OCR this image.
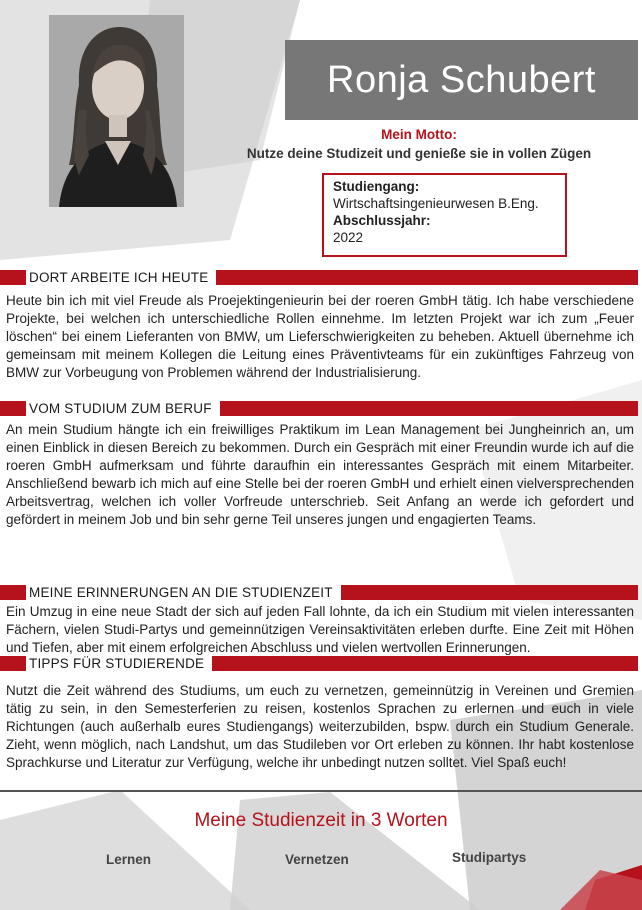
Ronja Schubert
Mein Motto:
Nutze deine Studizeit und genieße sie in vollen Zügen
Studiengang:
Wirtschaftsingenieurwesen B.Eng.
Abschlussjahr:
2022
DORT ARBEITE ICH HEUTE
Heute bin ich mit viel Freude als Proejektingenieurin bei der roeren GmbH tätig. Ich habe verschiedene Projekte, bei welchen ich unterschiedliche Rollen einnehme. Im letzten Projekt war ich zum „Feuer löschen“ bei einem Lieferanten von BMW, um Lieferschwierigkeiten zu beheben. Aktuell übernehme ich gemeinsam mit meinem Kollegen die Leitung eines Präventivteams für ein zukünftiges Fahrzeug von BMW zur Vorbeugung von Problemen während der Industrialisierung.
VOM STUDIUM ZUM BERUF
An mein Studium hängte ich ein freiwilliges Praktikum im Lean Management bei Jungheinrich an, um einen Einblick in diesen Bereich zu bekommen. Durch ein Gespräch mit einer Freundin wurde ich auf die roeren GmbH aufmerksam und führte daraufhin ein interessantes Gespräch mit einem Mitarbeiter. Anschließend bewarb ich mich auf eine Stelle bei der roeren GmbH und erhielt einen vielversprechenden Arbeitsvertrag, welchen ich voller Vorfreude unterschrieb. Seit Anfang an werde ich gefordert und gefördert in meinem Job und bin sehr gerne Teil unseres jungen und engagierten Teams.
MEINE ERINNERUNGEN AN DIE STUDIENZEIT
Ein Umzug in eine neue Stadt der sich auf jeden Fall lohnte, da ich ein Studium mit vielen interessanten Fächern, vielen Studi-Partys und gemeinnützigen Vereinsaktivitäten erleben durfte. Eine Zeit mit Höhen und Tiefen, aber mit einem erfolgreichen Abschluss und vielen wertvollen Erinnerungen.
TIPPS FÜR STUDIERENDE
Nutzt die Zeit während des Studiums, um euch zu vernetzen, gemeinnützig in Vereinen und Gremien tätig zu sein, in den Semesterferien zu reisen, kostenlos Sprachen zu erlernen und euch in viele Richtungen (auch außerhalb eures Studiengangs) weiterzubilden, bspw. durch ein Studium Generale. Zieht, wenn möglich, nach Landshut, um das Studileben vor Ort erleben zu können. Ihr habt kostenlose Sprachkurse und Literatur zur Verfügung, welche ihr unbedingt nutzen solltet. Viel Spaß euch!
Meine Studienzeit in 3 Worten
Lernen	Vernetzen	Studipartys
